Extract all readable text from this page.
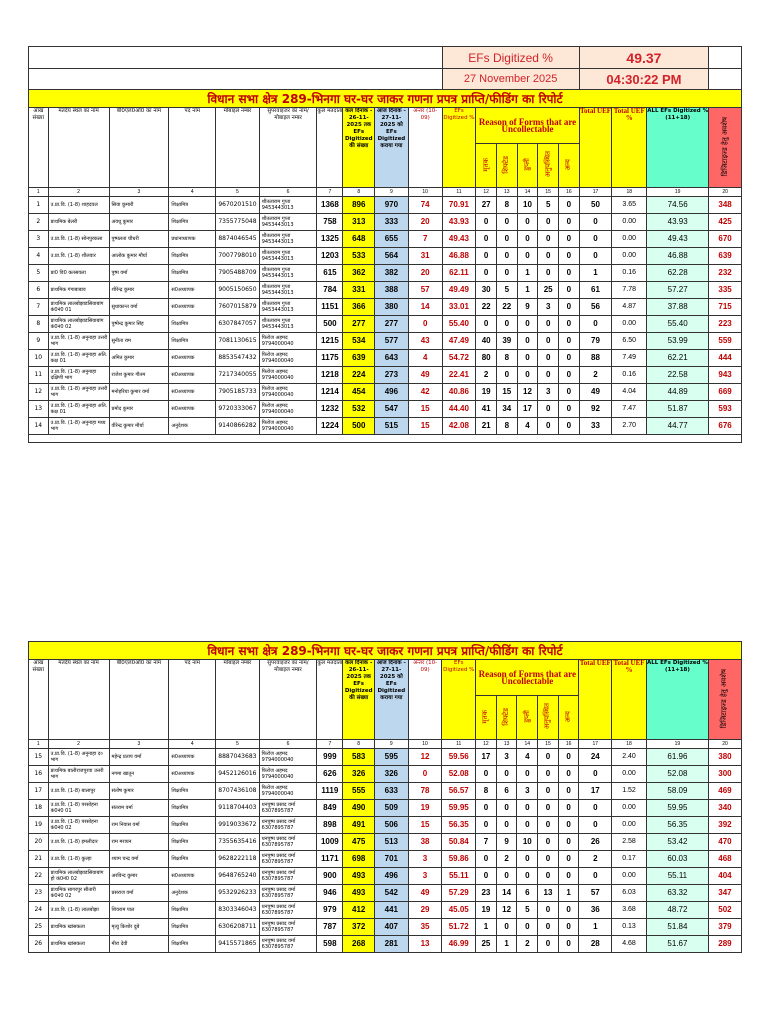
										EFs Digitized %						49.37			
										27 November 2025						04:30:22 PM			
विधान सभा क्षेत्र 289-भिनगा घर-घर जाकर गणना प्रपत्र प्राप्ति/फीडिंग का रिपोर्ट																			
आख संख्या	मतदेय स्थल का नाम	बी0एल0ओ0 का नाम	पद नाम	मोबाइल नम्बर	सुपरवाइजर का नाम/मोबाइल नम्बर	कुल मतदाता	कल दिनांक - 26-11-2025 तक EFs Digitized की संख्या	आज दिनांक - 27-11-2025 को EFs Digitized कराया गया	अन्तर (10-09)	EFs Digitized %	Reason of Forms that are Uncollectable					Total UEF	Total UEF %	ALL EFs Digitized % (11+18)	डिजिटाइज्ड हेतु अवशेष
											मृतक	शिफ्टेड	डुप्ली	अनुपस्थित	अन्य				
1	2	3	4	5	6	7	8	9	10	11	12	13	14	15	16	17	18	19	20
1	उ.प्रा.वि. (1-8) शाहदवल	सिया कुमारी	शिक्षामित्र	9670201510	शीतलाराम गुप्ता 9453443013	1368	896	970	74	70.91	27	8	10	5	0	50	3.65	74.56	348
2	प्राथमिक बेलरी	अवधू कुमार	शिक्षामित्र	7355775048	शीतलाराम गुप्ता 9453443013	758	313	333	20	43.93	0	0	0	0	0	0	0.00	43.93	425
3	उ.प्रा.वि. (1-8) सोनपुरकला	पुष्पलता चौधरी	प्रधानाध्यापक	8874046545	शीतलाराम गुप्ता 9453443013	1325	648	655	7	49.43	0	0	0	0	0	0	0.00	49.43	670
4	उ.प्रा.वि. (1-8) शीलवार	आलोक कुमार मौर्या	शिक्षामित्र	7007798010	शीतलाराम गुप्ता 9453443013	1203	533	564	31	46.88	0	0	0	0	0	0	0.00	46.88	639
5	प्रा0 वि0 कतसवला	पुष्प वर्मा	शिक्षामित्र	7905488709	शीतलाराम गुप्ता 9453443013	615	362	382	20	62.11	0	0	1	0	0	1	0.16	62.28	232
6	प्राथमिक गंगाबाबाव	शीरेन्द्र कुमार	स0अध्यापक	9005150650	शीतलाराम गुप्ता 9453443013	784	331	388	57	49.49	30	5	1	25	0	61	7.78	57.27	335
7	प्राथमिक लालबोझाडसियाबांग कं0नं0 01	सुधाकान्त वर्मा	स0अध्यापक	7607015879	शीतलाराम गुप्ता 9453443013	1151	366	380	14	33.01	22	22	9	3	0	56	4.87	37.88	715
8	प्राथमिक लालबोझाडसियाबांग कं0नं0 02	पुष्पेन्द्र कुमार सिंह	शिक्षामित्र	6307847057	शीतलाराम गुप्ता 9453443013	500	277	277	0	55.40	0	0	0	0	0	0	0.00	55.40	223
9	उ.प्रा.वि. (1-8) अनुनाहा उत्तरी भाग	सुनीता राम	शिक्षामित्र	7081130615	फिरोज अहमद 9794000040	1215	534	577	43	47.49	40	39	0	0	0	79	6.50	53.99	559
10	उ.प्रा.वि. (1-8) अनुनाहा अति. कक्ष 01	अमित कुमार	स0अध्यापक	8853547432	फिरोज अहमद 9794000040	1175	639	643	4	54.72	80	8	0	0	0	88	7.49	62.21	444
11	उ.प्रा.वि. (1-8) अनुनाहा दक्षिणी भाग	राजेश कुमार गौतम	स0अध्यापक	7217340055	फिरोज अहमद 9794000040	1218	224	273	49	22.41	2	0	0	0	0	2	0.16	22.58	943
12	उ.प्रा.वि. (1-8) अनुनाहा उत्तरी भाग	मनोहरिया कुमार वर्मा	स0अध्यापक	7905185733	फिरोज अहमद 9794000040	1214	454	496	42	40.86	19	15	12	3	0	49	4.04	44.89	669
13	उ.प्रा.वि. (1-8) अनुनाहा अति. कक्ष 01	प्रमोद कुमार	स0अध्यापक	9720333067	फिरोज अहमद 9794000040	1232	532	547	15	44.40	41	34	17	0	0	92	7.47	51.87	593
14	उ.प्रा.वि. (1-8) अनुनाहा मध्य भाग	वीरेन्द्र कुमार मौर्या	अनुदेशक	9140866282	फिरोज अहमद 9794000040	1224	500	515	15	42.08	21	8	4	0	0	33	2.70	44.77	676

विधान सभा क्षेत्र 289-भिनगा घर-घर जाकर गणना प्रपत्र प्राप्ति/फीडिंग का रिपोर्ट																			
आख संख्या	मतदेय स्थल का नाम	बी0एल0ओ0 का नाम	पद नाम	मोबाइल नम्बर	सुपरवाइजर का नाम/मोबाइल नम्बर	कुल मतदाता	कल दिनांक - 26-11-2025 तक EFs Digitized की संख्या	आज दिनांक - 27-11-2025 को EFs Digitized कराया गया	अन्तर (10-09)	EFs Digitized %	Reason of Forms that are Uncollectable					Total UEF	Total UEF %	ALL EFs Digitized % (11+18)	डिजिटाइज्ड हेतु अवशेष
											मृतक	शिफ्टेड	डुप्ली	अनुपस्थित	अन्य				
1	2	3	4	5	6	7	8	9	10	11	12	13	14	15	16	17	18	19	20
15	उ.प्रा.वि. (1-8) अनुनाहा द० भाग	महेन्द्र प्रताप वर्मा	स0अध्यापक	8887043683	फिरोज अहमद 9794000040	999	583	595	12	59.56	17	3	4	0	0	24	2.40	61.96	380
16	प्राथमिक बालीराजपुरवा उत्तरी भाग	नगमा खातून	स0अध्यापक	9452126016	फिरोज अहमद 9794000040	626	326	326	0	52.08	0	0	0	0	0	0	0.00	52.08	300
17	उ.प्रा.वि. (1-8) बालापुर	संतोष कुमार	शिक्षामित्र	8707436108	फिरोज अहमद 9794000040	1119	555	633	78	56.57	8	6	3	0	0	17	1.52	58.09	469
18	उ.प्रा.वि. (1-8) परसोहना कं0नं0 01	संतराम वर्मा	शिक्षामित्र	9118704403	धनपुष्प प्रसाद वर्मा 6307895787	849	490	509	19	59.95	0	0	0	0	0	0	0.00	59.95	340
19	उ.प्रा.वि. (1-8) परसोहना कं0नं0 02	राम निवास वर्मा	शिक्षामित्र	9919033672	धनपुष्प प्रसाद वर्मा 6307895787	898	491	506	15	56.35	0	0	0	0	0	0	0.00	56.35	392
20	उ.प्रा.वि. (1-8) इमलीदार	राम मरायन	शिक्षामित्र	7355635416	धनपुष्प प्रसाद वर्मा 6307895787	1009	475	513	38	50.84	7	9	10	0	0	26	2.58	53.42	470
21	उ.प्रा.वि. (1-8) कुल्हा	श्याम चन्द्र वर्मा	शिक्षामित्र	9628222118	धनपुष्प प्रसाद वर्मा 6307895787	1171	698	701	3	59.86	0	2	0	0	0	2	0.17	60.03	468
22	प्राथमिक लालबोझाडसियाबांग हो कं0नं0 02	अरविन्द कुमार	स0अध्यापक	9648765240	धनपुष्प प्रसाद वर्मा 6307895787	900	493	496	3	55.11	0	0	0	0	0	0	0.00	55.11	404
23	प्राथमिक सागरपुर सीतारी कं0नं0 02	प्रसराज वर्मा	अनुदेशक	9532926233	धनपुष्प प्रसाद वर्मा 6307895787	946	493	542	49	57.29	23	14	6	13	1	57	6.03	63.32	347
24	उ.प्रा.वि. (1-8) लालबोझा	शिवराम पाल	शिक्षामित्र	8303346043	धनपुष्प प्रसाद वर्मा 6307895787	979	412	441	29	45.05	19	12	5	0	0	36	3.68	48.72	502
25	प्राथमिक खांसकला	मृत्यु किशोर दुबे	शिक्षामित्र	6306208711	धनपुष्प प्रसाद वर्मा 6307895787	787	372	407	35	51.72	1	0	0	0	0	1	0.13	51.84	379
26	प्राथमिक खांसकला	मीरा देवी	शिक्षामित्र	9415571865	धनपुष्प प्रसाद वर्मा 6307895787	598	268	281	13	46.99	25	1	2	0	0	28	4.68	51.67	289
